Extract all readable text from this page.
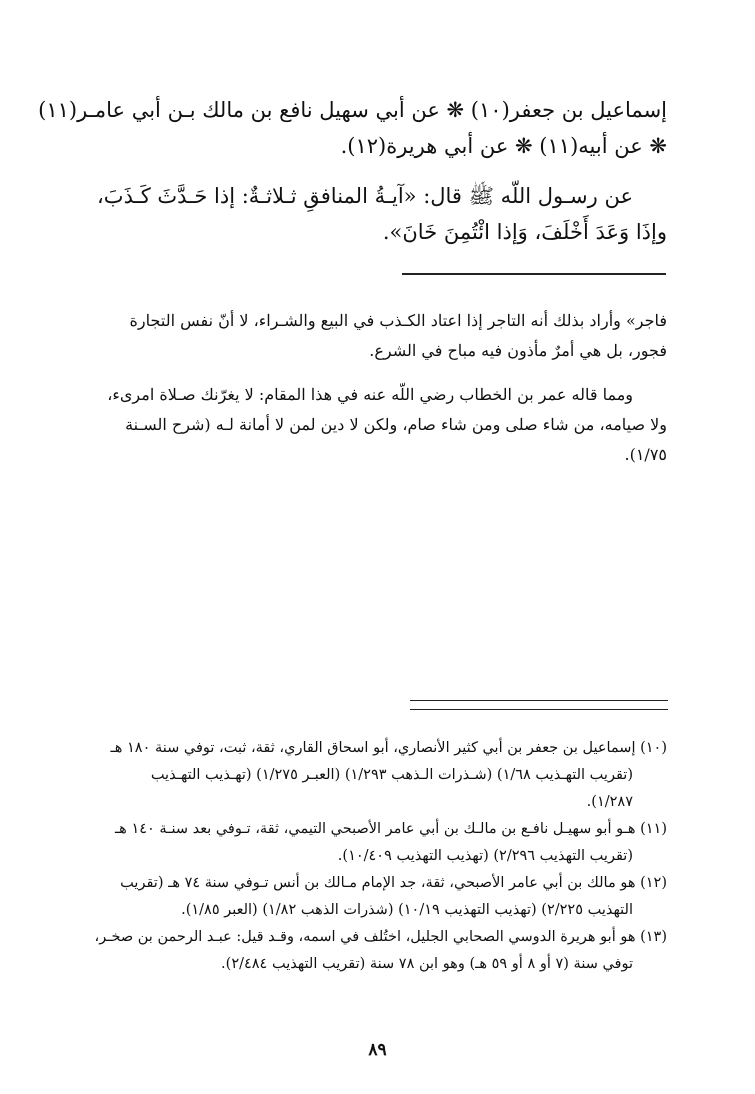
إسماعيل بن جعفر(١٠) ❋ عن أبي سهيل نافع بن مالك بـن أبي عامـر(١١)
❋ عن أبيه(١١) ❋ عن أبي هريرة(١٢).
عن رسـول اللّه ﷺ قال: «آيـةُ المنافقِ ثـلاثـةٌ: إذا حَـدَّثَ كَـذَبَ،
وإذَا وَعَدَ أَخْلَفَ، وَإذا ائْتُمِنَ خَانَ».
فاجر» وأراد بذلك أنه التاجر إذا اعتاد الكـذب في البيع والشـراء، لا أنّ نفس التجارة
فجور، بل هي أمرٌ مأذون فيه مباح في الشرع.
ومما قاله عمر بن الخطاب رضي اللّه عنه في هذا المقام: لا يغرّنك صـلاة امرىء،
ولا صيامه، من شاء صلى ومن شاء صام، ولكن لا دين لمن لا أمانة لـه (شرح السـنة
١/٧٥).
(١٠) إسماعيل بن جعفر بن أبي كثير الأنصاري، أبو اسحاق القاري، ثقة، ثبت، توفي سنة ١٨٠ هـ
(تقريب التهـذيب ١/٦٨) (شـذرات الـذهب ١/٢٩٣) (العبـر ١/٢٧٥) (تهـذيب التهـذيب
١/٢٨٧).
(١١) هـو أبو سهيـل نافـع بن مالـك بن أبي عامر الأصبحي التيمي، ثقة، تـوفي بعد سنـة ١٤٠ هـ
(تقريب التهذيب ٢/٢٩٦) (تهذيب التهذيب ١٠/٤٠٩).
(١٢) هو مالك بن أبي عامر الأصبحي، ثقة، جد الإمام مـالك بن أنس تـوفي سنة ٧٤ هـ (تقريب
التهذيب ٢/٢٢٥) (تهذيب التهذيب ١٠/١٩) (شذرات الذهب ١/٨٢) (العبر ١/٨٥).
(١٣) هو أبو هريرة الدوسي الصحابي الجليل، اختُلف في اسمه، وقـد قيل: عبـد الرحمن بن صخـر،
توفي سنة (٧ أو ٨ أو ٥٩ هـ) وهو ابن ٧٨ سنة (تقريب التهذيب ٢/٤٨٤).
٨٩
